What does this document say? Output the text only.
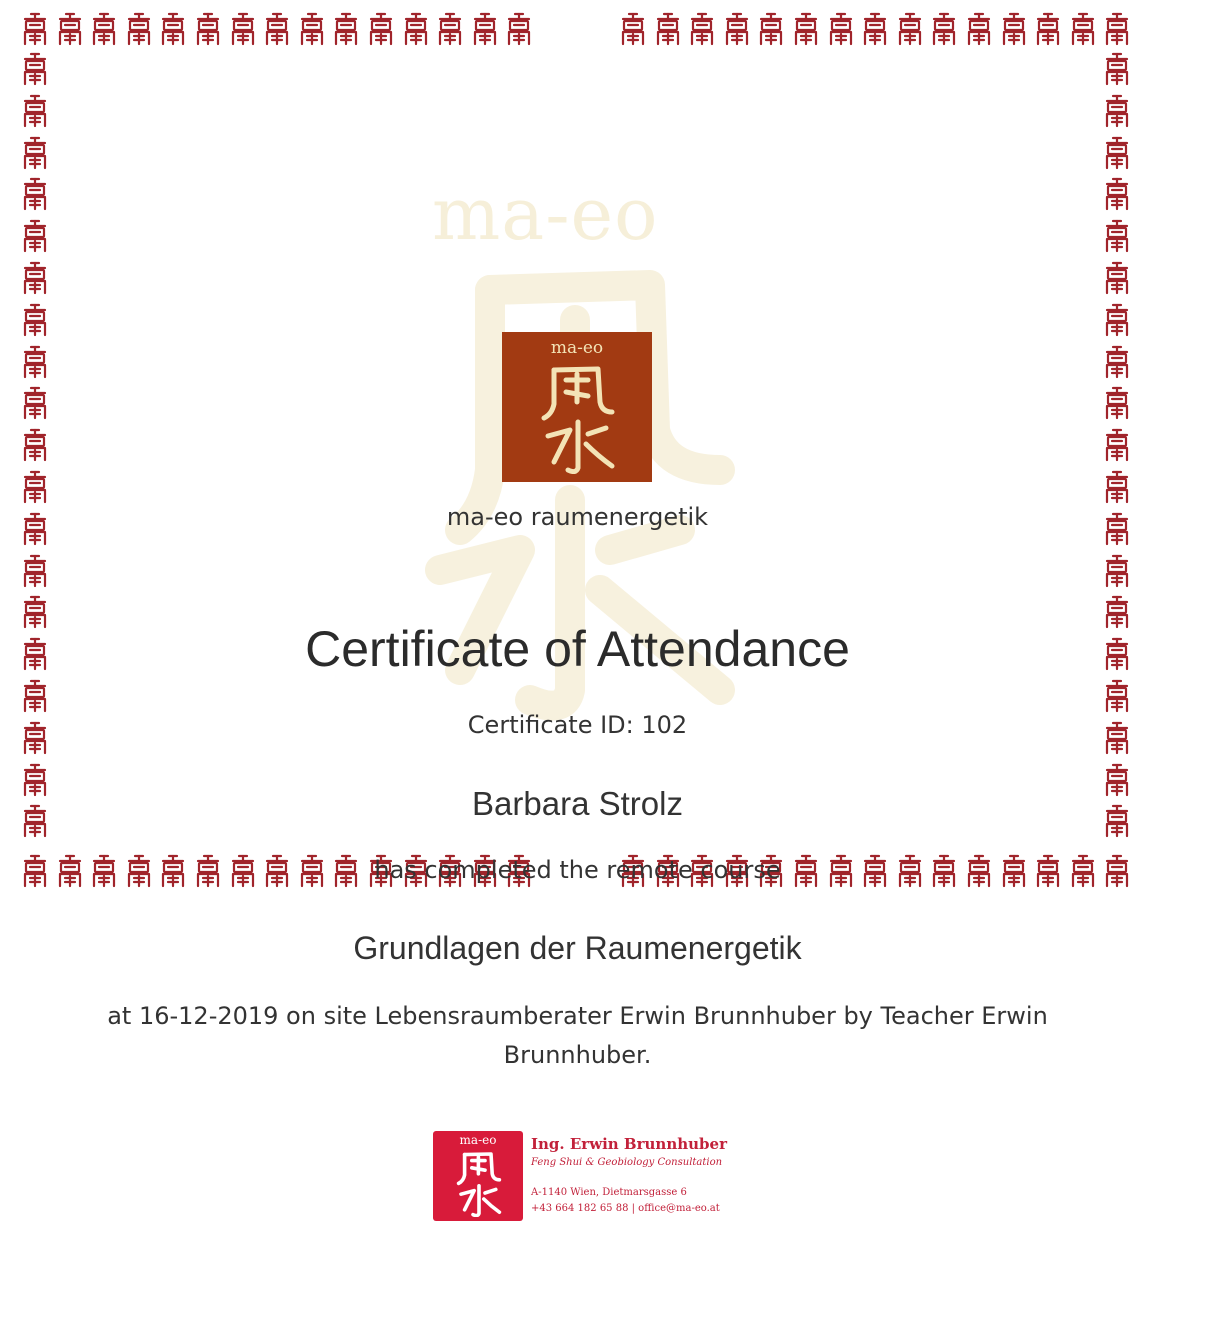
ma-eo
ma-eo
ma-eo raumenergetik
Certificate of Attendance
Certificate ID: 102
Barbara Strolz
has completed the remote course
Grundlagen der Raumenergetik
at 16-12-2019 on site Lebensraumberater Erwin Brunnhuber by Teacher Erwin Brunnhuber.
ma-eo	Ing. Erwin Brunnhuber
Feng Shui & Geobiology Consultation
A-1140 Wien, Dietmarsgasse 6
+43 664 182 65 88 | office@ma-eo.at
